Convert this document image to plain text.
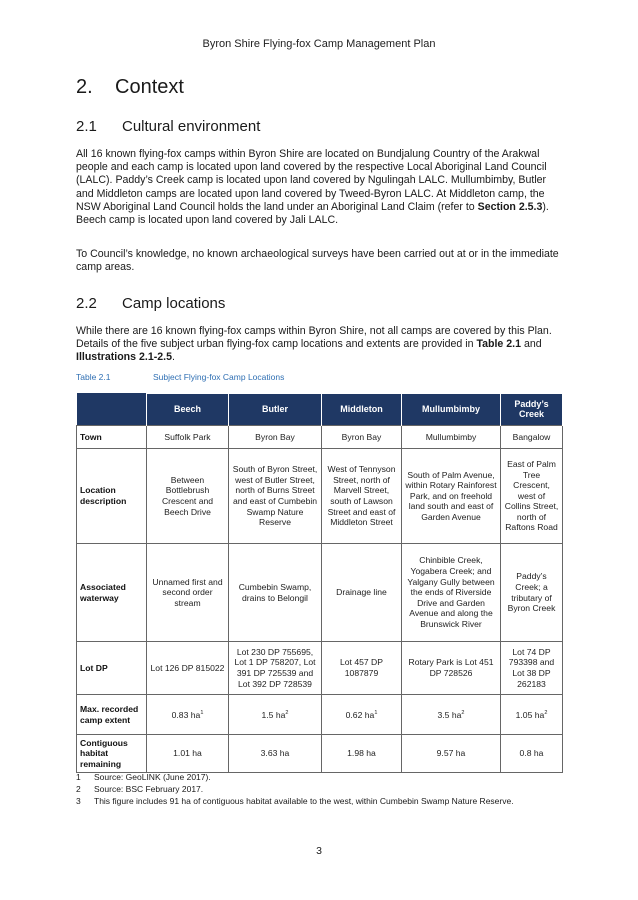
Byron Shire Flying-fox Camp Management Plan
2. Context
2.1 Cultural environment

All 16 known flying-fox camps within Byron Shire are located on Bundjalung Country of the Arakwal people and each camp is located upon land covered by the respective Local Aboriginal Land Council (LALC). Paddy’s Creek camp is located upon land covered by Ngulingah LALC. Mullumbimby, Butler and Middleton camps are located upon land covered by Tweed-Byron LALC. At Middleton camp, the NSW Aboriginal Land Council holds the land under an Aboriginal Land Claim (refer to Section 2.5.3). Beech camp is located upon land covered by Jali LALC.

To Council’s knowledge, no known archaeological surveys have been carried out at or in the immediate camp areas.

2.2 Camp locations

While there are 16 known flying-fox camps within Byron Shire, not all camps are covered by this Plan. Details of the five subject urban flying-fox camp locations and extents are provided in Table 2.1 and Illustrations 2.1-2.5.

Table 2.1	Subject Flying-fox Camp Locations
	Beech	Butler	Middleton	Mullumbimby	Paddy’s Creek
Town	Suffolk Park	Byron Bay	Byron Bay	Mullumbimby	Bangalow
Location description	Between Bottlebrush Crescent and Beech Drive	South of Byron Street, west of Butler Street, north of Burns Street and east of Cumbebin Swamp Nature Reserve	West of Tennyson Street, north of Marvell Street, south of Lawson Street and east of Middleton Street	South of Palm Avenue, within Rotary Rainforest Park, and on freehold land south and east of Garden Avenue	East of Palm Tree Crescent, west of Collins Street, north of Raftons Road
Associated waterway	Unnamed first and second order stream	Cumbebin Swamp, drains to Belongil	Drainage line	Chinbible Creek, Yogabera Creek; and Yalgany Gully between the ends of Riverside Drive and Garden Avenue and along the Brunswick River	Paddy’s Creek; a tributary of Byron Creek
Lot DP	Lot 126 DP 815022	Lot 230 DP 755695, Lot 1 DP 758207, Lot 391 DP 725539 and Lot 392 DP 728539	Lot 457 DP 1087879	Rotary Park is Lot 451 DP 728526	Lot 74 DP 793398 and Lot 38 DP 262183
Max. recorded camp extent	0.83 $ha^1$	1.5 $ha^2$	0.62 $ha^1$	3.5 $ha^2$	1.05 $ha^2$
Contiguous habitat remaining	1.01 ha	3.63 ha	1.98 ha	9.57 ha	0.8 ha
1 Source: GeoLINK (June 2017).
2 Source: BSC February 2017.
3 This figure includes 91 ha of contiguous habitat available to the west, within Cumbebin Swamp Nature Reserve.
3
